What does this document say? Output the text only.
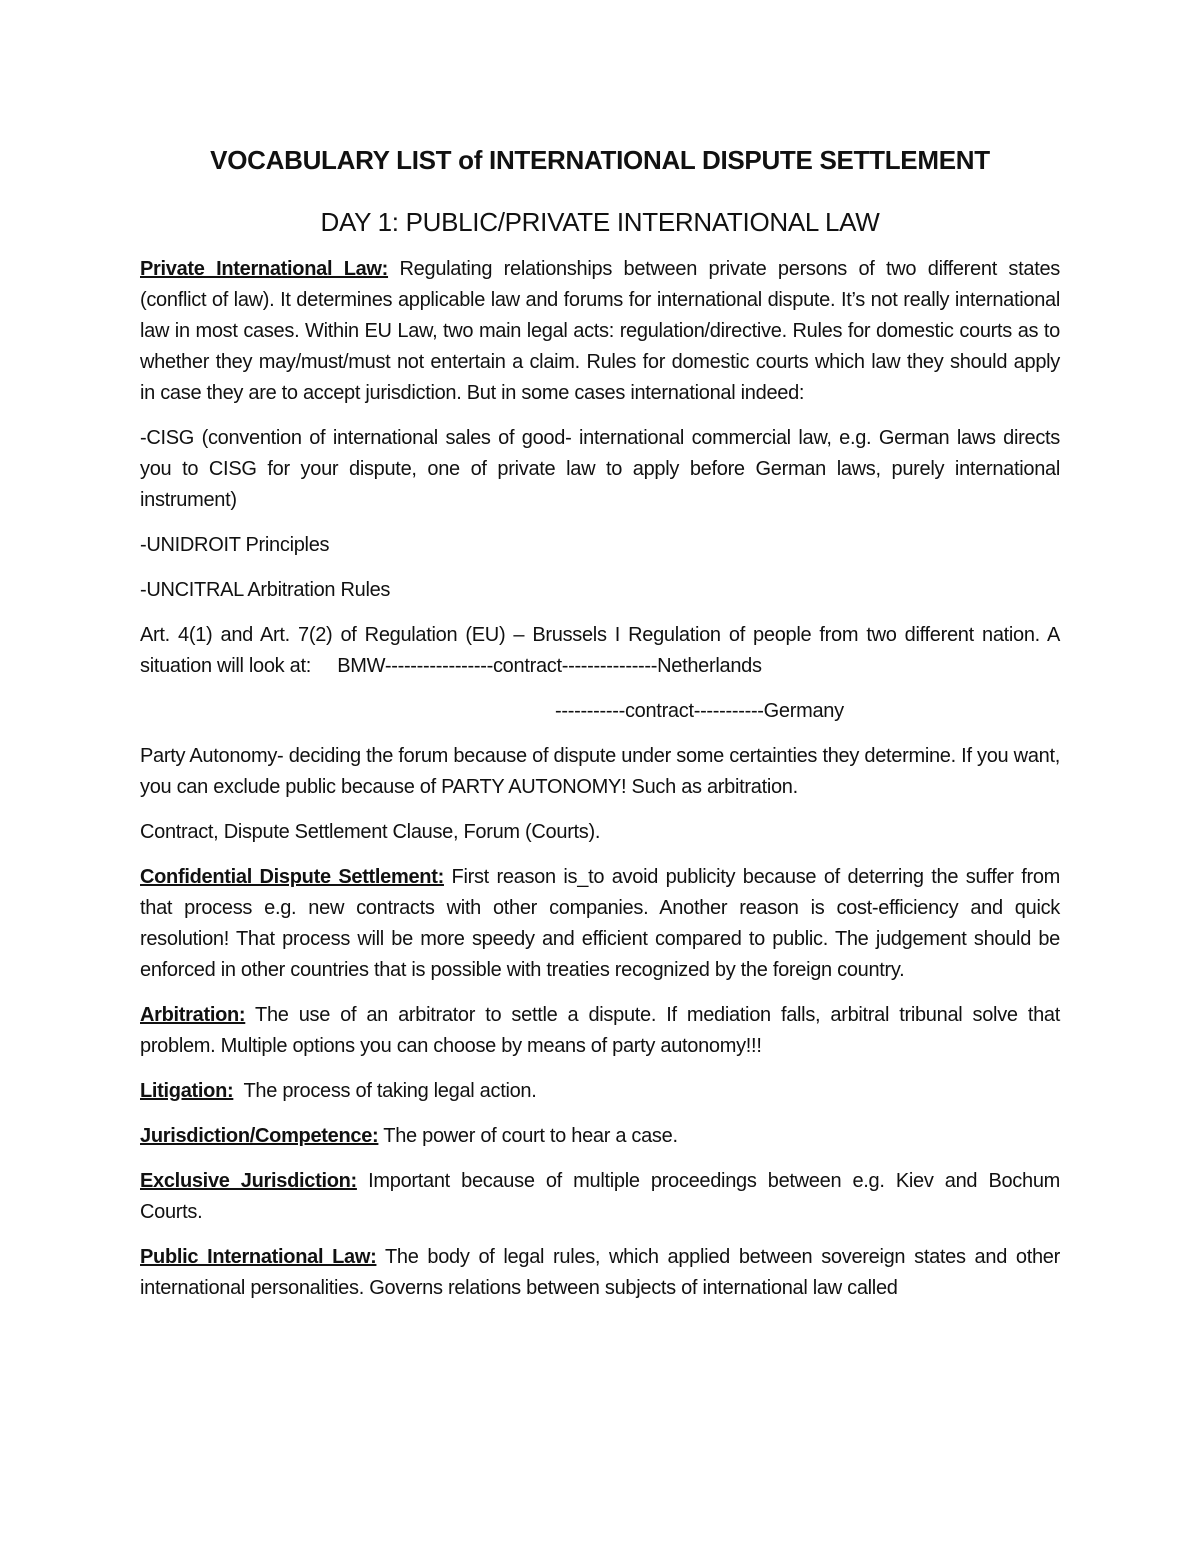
VOCABULARY LIST of INTERNATIONAL DISPUTE SETTLEMENT
DAY 1: PUBLIC/PRIVATE INTERNATIONAL LAW

Private International Law: Regulating relationships between private persons of two different states (conflict of law). It determines applicable law and forums for international dispute. It’s not really international law in most cases. Within EU Law, two main legal acts: regulation/directive. Rules for domestic courts as to whether they may/must/must not entertain a claim. Rules for domestic courts which law they should apply in case they are to accept jurisdiction. But in some cases international indeed:

-CISG (convention of international sales of good- international commercial law, e.g. German laws directs you to CISG for your dispute, one of private law to apply before German laws, purely international instrument)

-UNIDROIT Principles

-UNCITRAL Arbitration Rules

Art. 4(1) and Art. 7(2) of Regulation (EU) – Brussels I Regulation of people from two different nation. A situation will look at:     BMW-----------------contract---------------Netherlands

-----------contract-----------Germany

Party Autonomy- deciding the forum because of dispute under some certainties they determine. If you want, you can exclude public because of PARTY AUTONOMY! Such as arbitration.

Contract, Dispute Settlement Clause, Forum (Courts).

Confidential Dispute Settlement: First reason is_to avoid publicity because of deterring the suffer from that process e.g. new contracts with other companies. Another reason is cost-efficiency and quick resolution! That process will be more speedy and efficient compared to public. The judgement should be enforced in other countries that is possible with treaties recognized by the foreign country.

Arbitration: The use of an arbitrator to settle a dispute. If mediation falls, arbitral tribunal solve that problem. Multiple options you can choose by means of party autonomy!!!

Litigation:  The process of taking legal action.

Jurisdiction/Competence: The power of court to hear a case.

Exclusive Jurisdiction: Important because of multiple proceedings between e.g. Kiev and Bochum Courts.

Public International Law: The body of legal rules, which applied between sovereign states and other international personalities. Governs relations between subjects of international law called
